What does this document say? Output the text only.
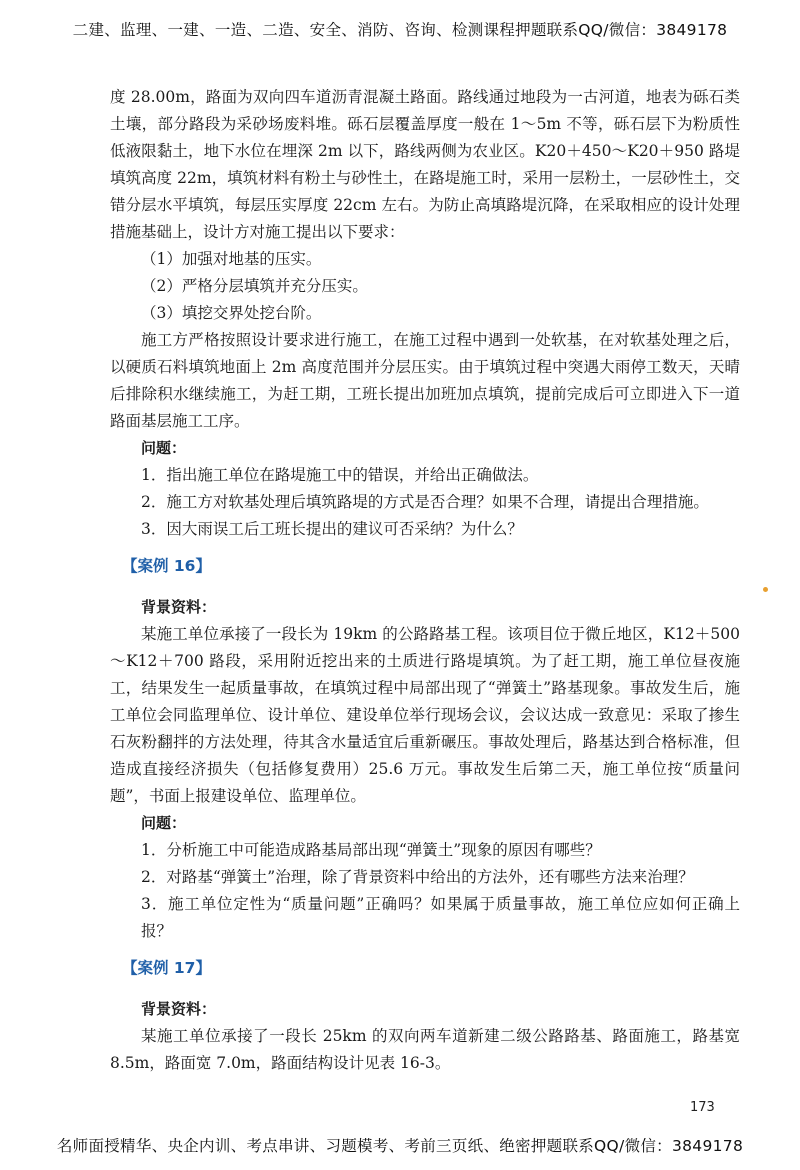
二建、监理、一建、一造、二造、安全、消防、咨询、检测课程押题联系QQ/微信：3849178

度 28.00m，路面为双向四车道沥青混凝土路面。路线通过地段为一古河道，地表为砾石类土壤，部分路段为采砂场废料堆。砾石层覆盖厚度一般在 1～5m 不等，砾石层下为粉质性低液限黏土，地下水位在埋深 2m 以下，路线两侧为农业区。K20＋450～K20＋950 路堤填筑高度 22m，填筑材料有粉土与砂性土，在路堤施工时，采用一层粉土，一层砂性土，交错分层水平填筑，每层压实厚度 22cm 左右。为防止高填路堤沉降，在采取相应的设计处理措施基础上，设计方对施工提出以下要求：

（1）加强对地基的压实。

（2）严格分层填筑并充分压实。

（3）填挖交界处挖台阶。

施工方严格按照设计要求进行施工，在施工过程中遇到一处软基，在对软基处理之后，以硬质石料填筑地面上 2m 高度范围并分层压实。由于填筑过程中突遇大雨停工数天，天晴后排除积水继续施工，为赶工期，工班长提出加班加点填筑，提前完成后可立即进入下一道路面基层施工工序。

问题：

1．指出施工单位在路堤施工中的错误，并给出正确做法。

2．施工方对软基处理后填筑路堤的方式是否合理？如果不合理，请提出合理措施。

3．因大雨误工后工班长提出的建议可否采纳？为什么？

【案例 16】

背景资料：

某施工单位承接了一段长为 19km 的公路路基工程。该项目位于微丘地区，K12＋500～K12＋700 路段，采用附近挖出来的土质进行路堤填筑。为了赶工期，施工单位昼夜施工，结果发生一起质量事故，在填筑过程中局部出现了“弹簧土”路基现象。事故发生后，施工单位会同监理单位、设计单位、建设单位举行现场会议，会议达成一致意见：采取了掺生石灰粉翻拌的方法处理，待其含水量适宜后重新碾压。事故处理后，路基达到合格标准，但造成直接经济损失（包括修复费用）25.6 万元。事故发生后第二天，施工单位按“质量问题”，书面上报建设单位、监理单位。

问题：

1．分析施工中可能造成路基局部出现“弹簧土”现象的原因有哪些？

2．对路基“弹簧土”治理，除了背景资料中给出的方法外，还有哪些方法来治理？

3．施工单位定性为“质量问题”正确吗？如果属于质量事故，施工单位应如何正确上报？

【案例 17】

背景资料：

某施工单位承接了一段长 25km 的双向两车道新建二级公路路基、路面施工，路基宽 8.5m，路面宽 7.0m，路面结构设计见表 16-3。

173
名师面授精华、央企内训、考点串讲、习题模考、考前三页纸、绝密押题联系QQ/微信：3849178
